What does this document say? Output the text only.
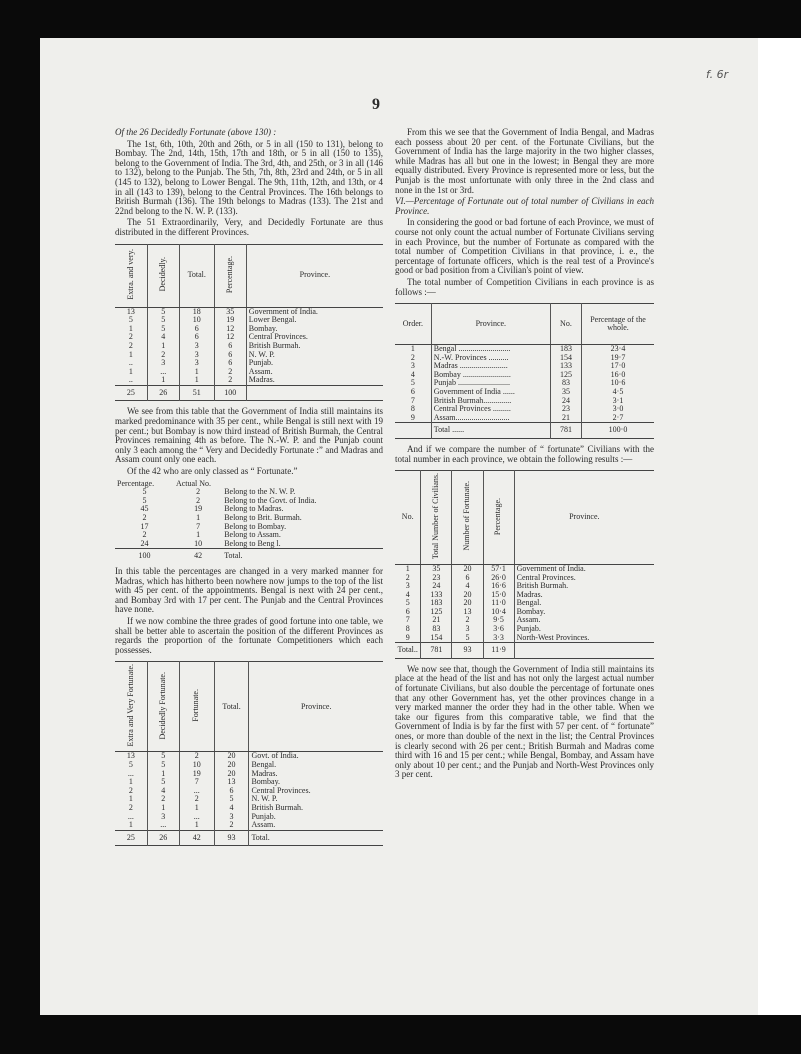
f. 6r
9

Of the 26 Decidedly Fortunate (above 130) :

The 1st, 6th, 10th, 20th and 26th, or 5 in all (150 to 131), belong to Bombay. The 2nd, 14th, 15th, 17th and 18th, or 5 in all (150 to 135), belong to the Government of India. The 3rd, 4th, and 25th, or 3 in all (146 to 132), belong to the Punjab. The 5th, 7th, 8th, 23rd and 24th, or 5 in all (145 to 132), belong to Lower Bengal. The 9th, 11th, 12th, and 13th, or 4 in all (143 to 139), belong to the Central Provinces. The 16th belongs to British Burmah (136). The 19th belongs to Madras (133). The 21st and 22nd belong to the N. W. P. (133).

The 51 Extraordinarily, Very, and Decidedly Fortunate are thus distributed in the different Provinces.

Extra. and very.	Decidedly.	Total.	Percentage.	Province.
13	5	18	35	Government of India.
5	5	10	19	Lower Bengal.
1	5	6	12	Bombay.
2	4	6	12	Central Provinces.
2	1	3	6	British Burmah.
1	2	3	6	N. W. P.
..	3	3	6	Punjab.
1	...	1	2	Assam.
..	1	1	2	Madras.
25	26	51	100	

We see from this table that the Government of India still maintains its marked predominance with 35 per cent., while Bengal is still next with 19 per cent.; but Bombay is now third instead of British Burmah, the Central Provinces remaining 4th as before. The N.-W. P. and the Punjab count only 3 each among the “ Very and Decidedly Fortunate :” and Madras and Assam count only one each.

Of the 42 who are only classed as “ Fortunate.”

Percentage.	Actual No.	
5	2	Belong to the N. W. P.
5	2	Belong to the Govt. of India.
45	19	Belong to Madras.
2	1	Belong to Brit. Burmah.
17	7	Belong to Bombay.
2	1	Belong to Assam.
24	10	Belong to Beng l.
100	42	Total.

In this table the percentages are changed in a very marked manner for Madras, which has hitherto been nowhere now jumps to the top of the list with 45 per cent. of the appointments. Bengal is next with 24 per cent., and Bombay 3rd with 17 per cent. The Punjab and the Central Provinces have none.

If we now combine the three grades of good fortune into one table, we shall be better able to ascertain the position of the different Provinces as regards the proportion of the fortunate Competitioners which each possesses.

Extra and Very Fortunate.	Decidedly Fortunate.	Fortunate.	Total.	Province.
13	5	2	20	Govt. of India.
5	5	10	20	Bengal.
...	1	19	20	Madras.
1	5	7	13	Bombay.
2	4	...	6	Central Provinces.
1	2	2	5	N. W. P.
2	1	1	4	British Burmah.
...	3	...	3	Punjab.
1	...	1	2	Assam.
25	26	42	93	Total.

From this we see that the Government of India Bengal, and Madras each possess about 20 per cent. of the Fortunate Civilians, but the Government of India has the large majority in the two higher classes, while Madras has all but one in the lowest; in Bengal they are more equally distributed. Every Province is represented more or less, but the Punjab is the most unfortunate with only three in the 2nd class and none in the 1st or 3rd.

VI.—Percentage of Fortunate out of total number of Civilians in each Province.

In considering the good or bad fortune of each Province, we must of course not only count the actual number of Fortunate Civilians serving in each Province, but the number of Fortunate as compared with the total number of Competition Civilians in that province, i. e., the percentage of fortunate officers, which is the real test of a Province's good or bad position from a Civilian's point of view.

The total number of Competition Civilians in each province is as follows :—

Order.	Province.	No.	Percentage of the whole.
1	Bengal ..........................	183	23·4
2	N.-W. Provinces ..........	154	19·7
3	Madras ........................	133	17·0
4	Bombay ........................	125	16·0
5	Punjab ..........................	83	10·6
6	Government of India ......	35	4·5
7	British Burmah..............	24	3·1
8	Central Provinces .........	23	3·0
9	Assam...........................	21	2·7
	Total ......	781	100·0

And if we compare the number of “ fortunate” Civilians with the total number in each province, we obtain the following results :—

No.	Total Number of Civilians.	Number of Fortunate.	Percentage.	Province.
1	35	20	57·1	Government of India.
2	23	6	26·0	Central Provinces.
3	24	4	16·6	British Burmah.
4	133	20	15·0	Madras.
5	183	20	11·0	Bengal.
6	125	13	10·4	Bombay.
7	21	2	9·5	Assam.
8	83	3	3·6	Punjab.
9	154	5	3·3	North-West Provinces.
Total..	781	93	11·9	

We now see that, though the Government of India still maintains its place at the head of the list and has not only the largest actual number of fortunate Civilians, but also double the percentage of fortunate ones that any other Government has, yet the other provinces change in a very marked manner the order they had in the other table. When we take our figures from this comparative table, we find that the Government of India is by far the first with 57 per cent. of “ fortunate” ones, or more than double of the next in the list; the Central Provinces is clearly second with 26 per cent.; British Burmah and Madras come third with 16 and 15 per cent.; while Bengal, Bombay, and Assam have only about 10 per cent.; and the Punjab and North-West Provinces only 3 per cent.
